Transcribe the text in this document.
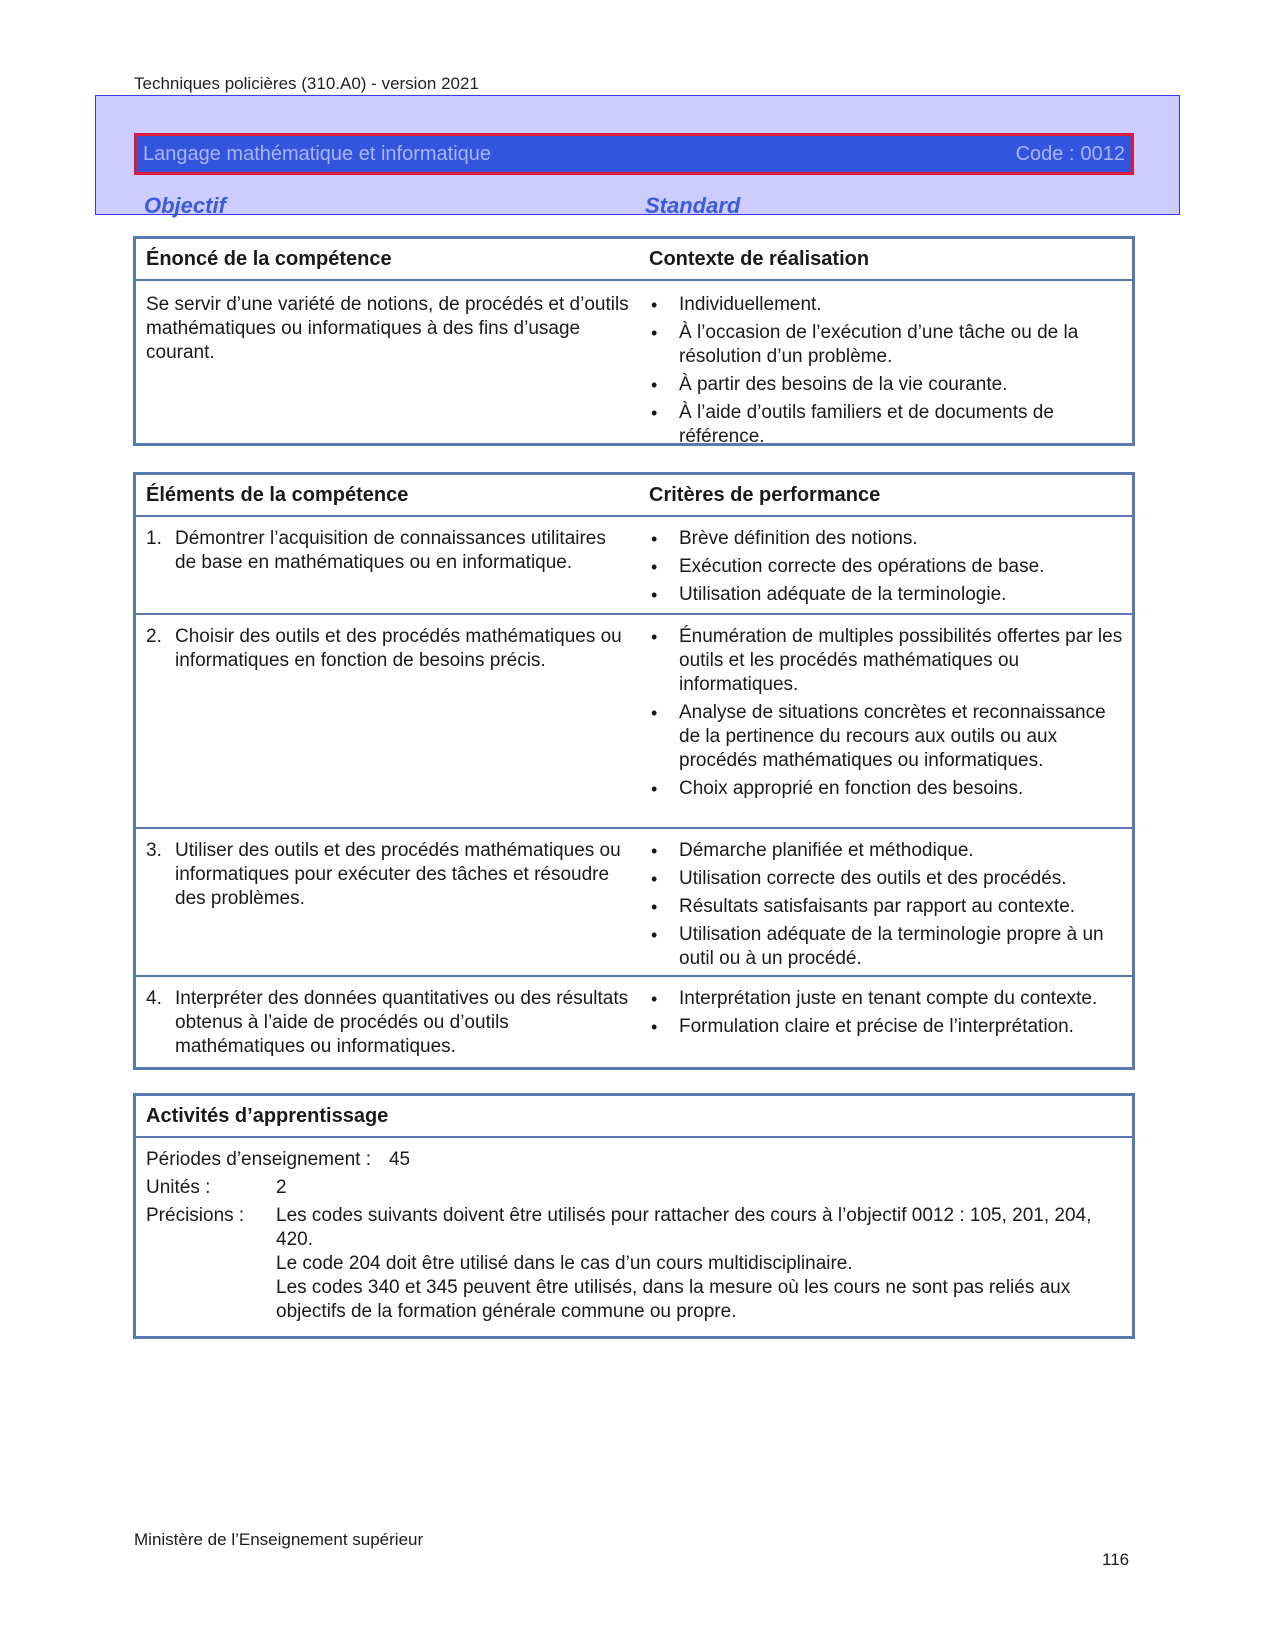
Techniques policières (310.A0) - version 2021
Langage mathématique et informatique	Code : 0012
Objectif	Standard
Énoncé de la compétence	Contexte de réalisation
Se servir d’une variété de notions, de procédés et d’outils mathématiques ou informatiques à des fins d’usage courant.
• Individuellement.
• À l’occasion de l’exécution d’une tâche ou de la résolution d’un problème.
• À partir des besoins de la vie courante.
• À l’aide d’outils familiers et de documents de référence.
Éléments de la compétence	Critères de performance
1. Démontrer l’acquisition de connaissances utilitaires de base en mathématiques ou en informatique.
• Brève définition des notions.
• Exécution correcte des opérations de base.
• Utilisation adéquate de la terminologie.
2. Choisir des outils et des procédés mathématiques ou informatiques en fonction de besoins précis.
• Énumération de multiples possibilités offertes par les outils et les procédés mathématiques ou informatiques.
• Analyse de situations concrètes et reconnaissance de la pertinence du recours aux outils ou aux procédés mathématiques ou informatiques.
• Choix approprié en fonction des besoins.
3. Utiliser des outils et des procédés mathématiques ou informatiques pour exécuter des tâches et résoudre des problèmes.
• Démarche planifiée et méthodique.
• Utilisation correcte des outils et des procédés.
• Résultats satisfaisants par rapport au contexte.
• Utilisation adéquate de la terminologie propre à un outil ou à un procédé.
4. Interpréter des données quantitatives ou des résultats obtenus à l’aide de procédés ou d’outils mathématiques ou informatiques.
• Interprétation juste en tenant compte du contexte.
• Formulation claire et précise de l’interprétation.
Activités d’apprentissage
Périodes d’enseignement : 45
Unités :	2
Précisions :	Les codes suivants doivent être utilisés pour rattacher des cours à l’objectif 0012 : 105, 201, 204, 420.
Le code 204 doit être utilisé dans le cas d’un cours multidisciplinaire.
Les codes 340 et 345 peuvent être utilisés, dans la mesure où les cours ne sont pas reliés aux objectifs de la formation générale commune ou propre.
Ministère de l’Enseignement supérieur
116
